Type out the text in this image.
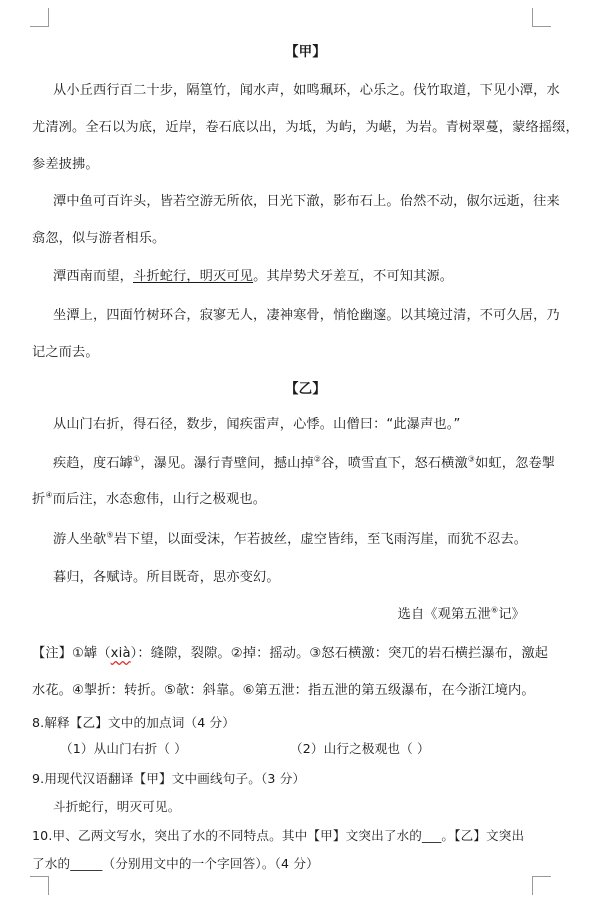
【甲】
从小丘西行百二十步，隔篁竹，闻水声，如鸣珮环，心乐之。伐竹取道，下见小潭，水
尤清冽。全石以为底，近岸，卷石底以出，为坻，为屿，为嵁，为岩。青树翠蔓，蒙络摇缀，
参差披拂。
潭中鱼可百许头，皆若空游无所依，日光下澈，影布石上。佁然不动，俶尔远逝，往来
翕忽，似与游者相乐。
潭西南而望，斗折蛇行，明灭可见。其岸势犬牙差互，不可知其源。
坐潭上，四面竹树环合，寂寥无人，凄神寒骨，悄怆幽邃。以其境过清，不可久居，乃
记之而去。
【乙】
从山门右折，得石径，数步，闻疾雷声，心悸。山僧曰：“此瀑声也。”
疾趋，度石罅①，瀑见。瀑行青壁间，撼山掉②谷，喷雪直下，怒石横激③如虹，忽卷掣
折④而后注，水态愈伟，山行之极观也。
游人坐欹⑤岩下望，以面受沫，乍若披丝，虚空皆纬，至飞雨泻崖，而犹不忍去。
暮归，各赋诗。所目既奇，思亦变幻。
选自《观第五泄⑥记》
【注】①罅（xià）：缝隙，裂隙。②掉：摇动。③怒石横激：突兀的岩石横拦瀑布，激起
水花。④掣折：转折。⑤欹：斜靠。⑥第五泄：指五泄的第五级瀑布，在今浙江境内。
8.解释【乙】文中的加点词（4 分）
（1）从山门右折（ ）	（2）山行之极观也（ ）
9.用现代汉语翻译【甲】文中画线句子。（3 分）
斗折蛇行，明灭可见。
10.甲、乙两文写水，突出了水的不同特点。其中【甲】文突出了水的___。【乙】文突出
了水的_____（分别用文中的一个字回答）。（4 分）
